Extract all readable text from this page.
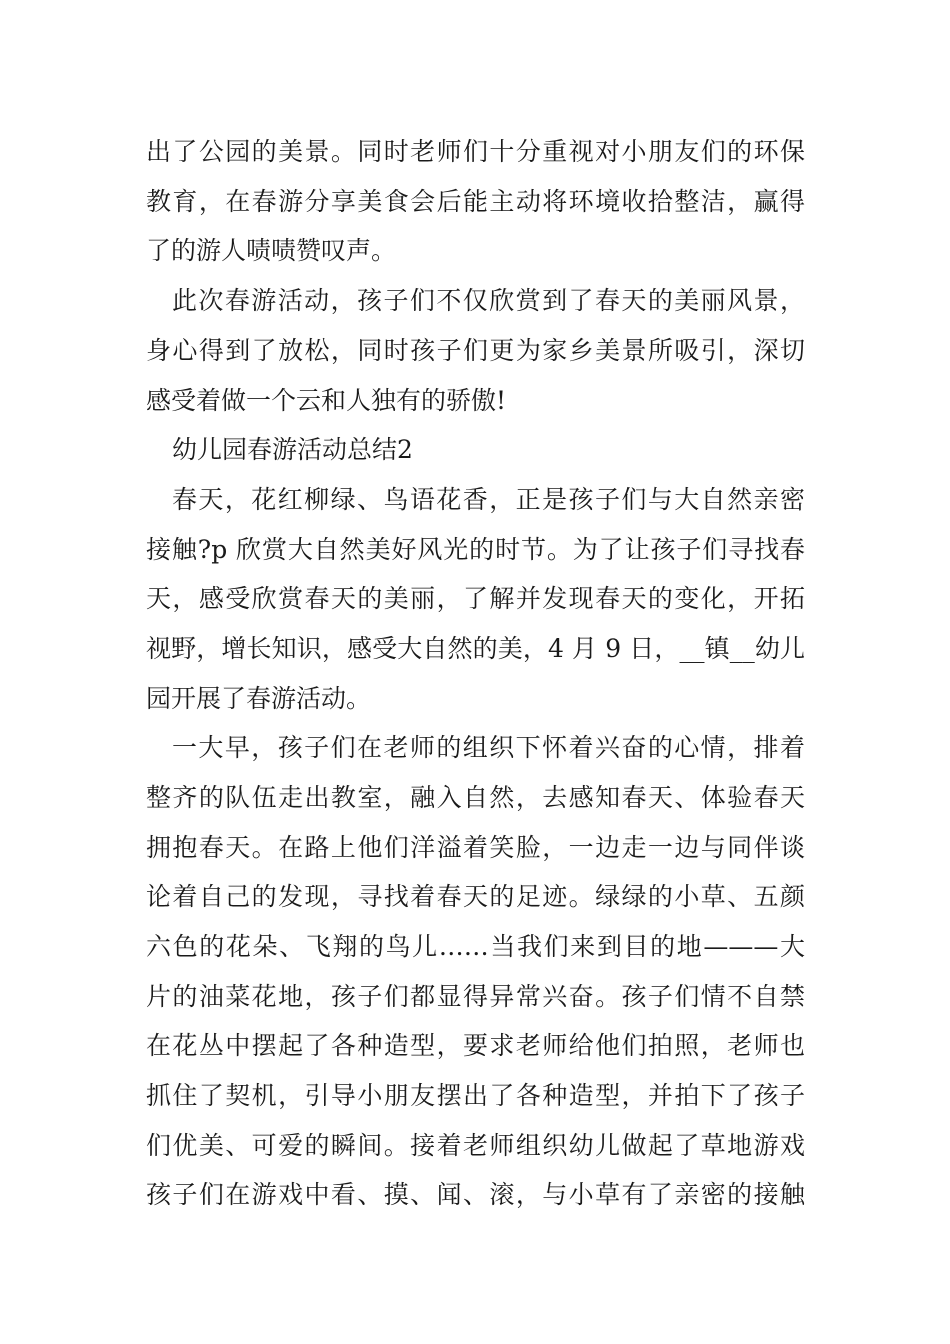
出了公园的美景。同时老师们十分重视对小朋友们的环保
教育，在春游分享美食会后能主动将环境收拾整洁，赢得
了的游人啧啧赞叹声。
此次春游活动，孩子们不仅欣赏到了春天的美丽风景，
身心得到了放松，同时孩子们更为家乡美景所吸引，深切
感受着做一个云和人独有的骄傲!
幼儿园春游活动总结2
春天，花红柳绿、鸟语花香，正是孩子们与大自然亲密
接触?p 欣赏大自然美好风光的时节。为了让孩子们寻找春
天，感受欣赏春天的美丽，了解并发现春天的变化，开拓
视野，增长知识，感受大自然的美，4 月 9 日，__镇__幼儿
园开展了春游活动。
一大早，孩子们在老师的组织下怀着兴奋的心情，排着
整齐的队伍走出教室，融入自然，去感知春天、体验春天
拥抱春天。在路上他们洋溢着笑脸，一边走一边与同伴谈
论着自己的发现，寻找着春天的足迹。绿绿的小草、五颜
六色的花朵、飞翔的鸟儿……当我们来到目的地———大
片的油菜花地，孩子们都显得异常兴奋。孩子们情不自禁
在花丛中摆起了各种造型，要求老师给他们拍照，老师也
抓住了契机，引导小朋友摆出了各种造型，并拍下了孩子
们优美、可爱的瞬间。接着老师组织幼儿做起了草地游戏
孩子们在游戏中看、摸、闻、滚，与小草有了亲密的接触
